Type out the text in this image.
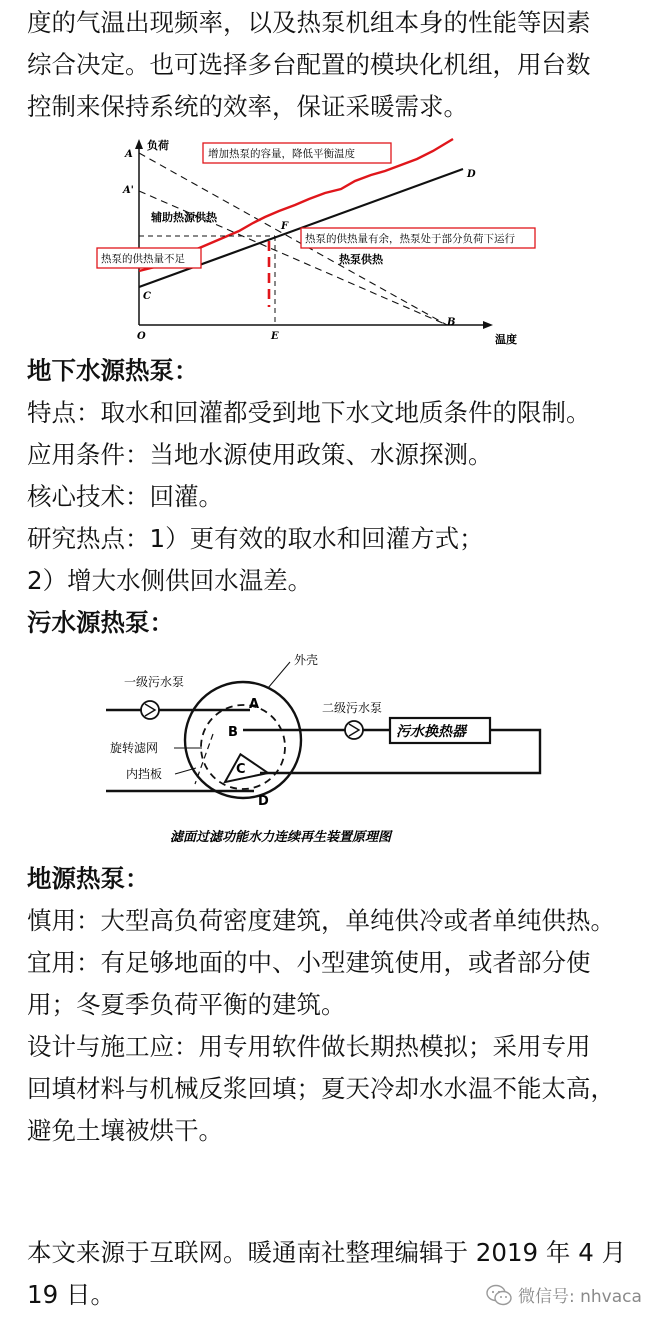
度的气温出现频率，以及热泵机组本身的性能等因素

综合决定。也可选择多台配置的模块化机组，用台数

控制来保持系统的效率，保证采暖需求。

负荷
温度
A
A'
C
D
F
O	E
B
辅助热源供热
热泵供热
增加热泵的容量，降低平衡温度
热泵的供热量有余，热泵处于部分负荷下运行
热泵的供热量不足

地下水源热泵：

特点：取水和回灌都受到地下水文地质条件的限制。

应用条件：当地水源使用政策、水源探测。

核心技术：回灌。

研究热点：1）更有效的取水和回灌方式；

2）增大水侧供回水温差。

污水源热泵：

污水换热器
A
B
C
D
一级污水泵
外壳
二级污水泵
旋转滤网
内挡板
滤面过滤功能水力连续再生装置原理图

地源热泵：

慎用：大型高负荷密度建筑，单纯供冷或者单纯供热。

宜用：有足够地面的中、小型建筑使用，或者部分使

用；冬夏季负荷平衡的建筑。

设计与施工应：用专用软件做长期热模拟；采用专用

回填材料与机械反浆回填；夏天冷却水水温不能太高，

避免土壤被烘干。

本文来源于互联网。暖通南社整理编辑于 2019 年 4 月

19 日。	微信号: nhvaca
